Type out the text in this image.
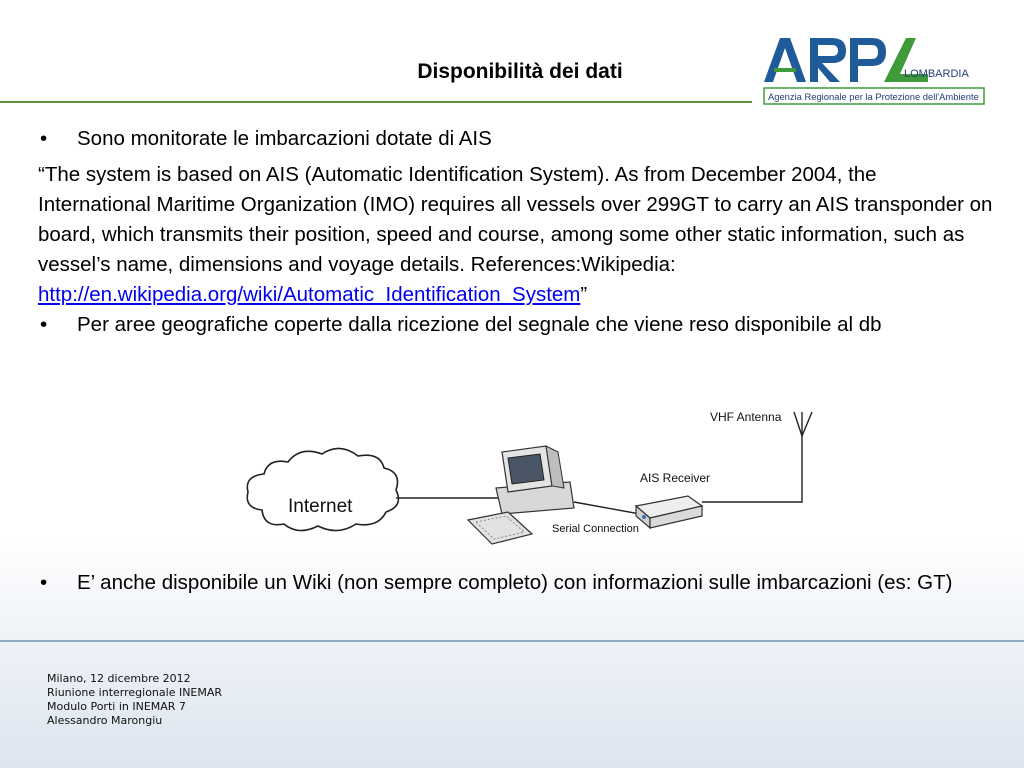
Disponibilità dei dati	LOMBARDIA
Agenzia Regionale per la Protezione dell'Ambiente
• Sono monitorate le imbarcazioni dotate di AIS
“The system is based on AIS (Automatic Identification System). As from December 2004, the International Maritime Organization (IMO) requires all vessels over 299GT to carry an AIS transponder on board, which transmits their position, speed and course, among some other static information, such as vessel’s name, dimensions and voyage details. References:Wikipedia: http://en.wikipedia.org/wiki/Automatic_Identification_System”
• Per aree geografiche coperte dalla ricezione del segnale che viene reso disponibile al db
Internet
Serial Connection
AIS Receiver
VHF Antenna
• E’ anche disponibile un Wiki (non sempre completo) con informazioni sulle imbarcazioni (es: GT)
Milano, 12 dicembre 2012
Riunione interregionale INEMAR
Modulo Porti in INEMAR 7
Alessandro Marongiu
